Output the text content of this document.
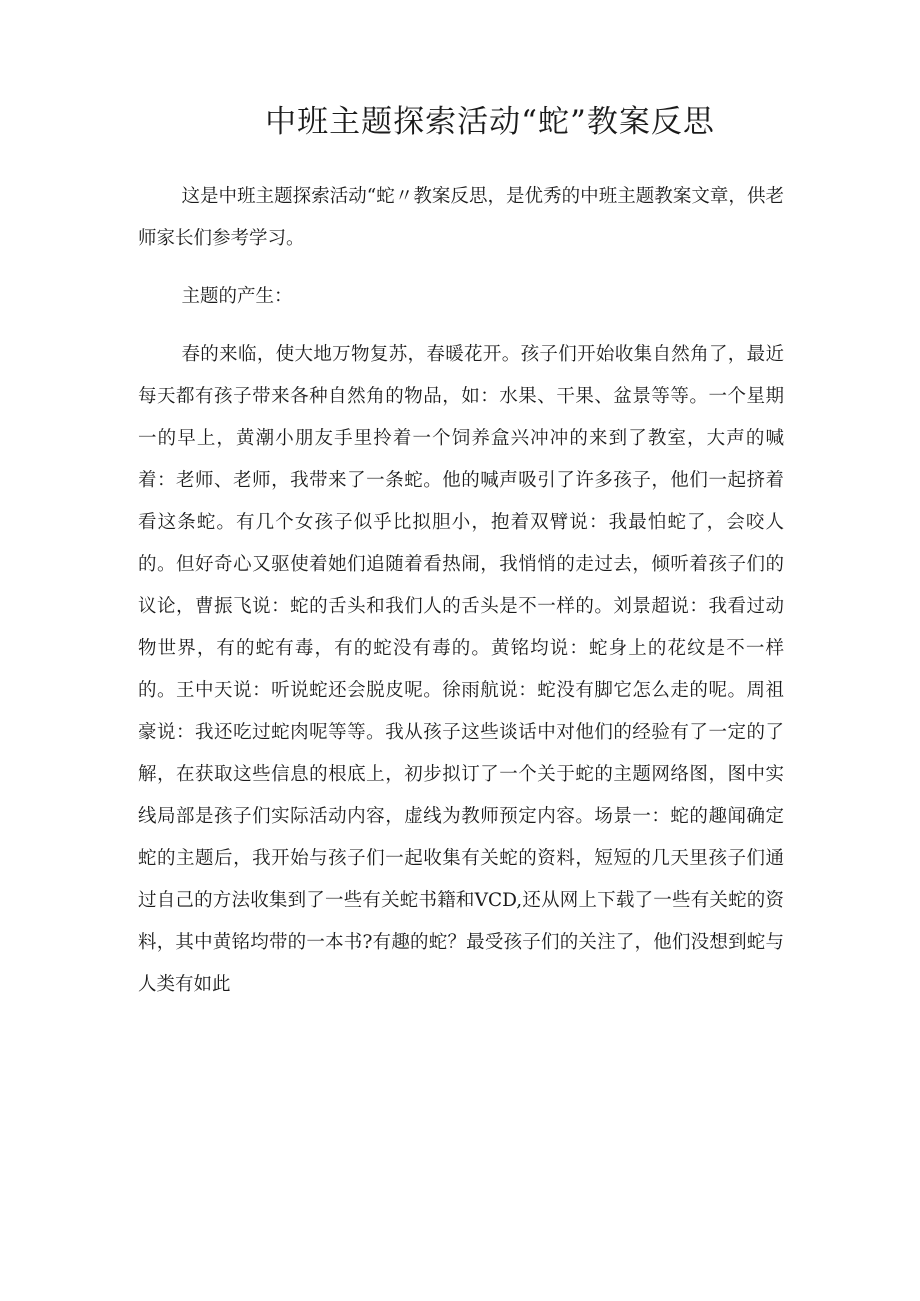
中班主题探索活动“蛇”教案反思

这是中班主题探索活动“蛇〃教案反思，是优秀的中班主题教案文章，供老师家长们参考学习。

主题的产生：

春的来临，使大地万物复苏，春暖花开。孩子们开始收集自然角了，最近每天都有孩子带来各种自然角的物品，如：水果、干果、盆景等等。一个星期一的早上，黄潮小朋友手里拎着一个饲养盒兴冲冲的来到了教室，大声的喊着：老师、老师，我带来了一条蛇。他的喊声吸引了许多孩子，他们一起挤着看这条蛇。有几个女孩子似乎比拟胆小，抱着双臂说：我最怕蛇了，会咬人的。但好奇心又驱使着她们追随着看热闹，我悄悄的走过去，倾听着孩子们的议论，曹振飞说：蛇的舌头和我们人的舌头是不一样的。刘景超说：我看过动物世界，有的蛇有毒，有的蛇没有毒的。黄铭均说：蛇身上的花纹是不一样的。王中天说：听说蛇还会脱皮呢。徐雨航说：蛇没有脚它怎么走的呢。周祖豪说：我还吃过蛇肉呢等等。我从孩子这些谈话中对他们的经验有了一定的了解，在获取这些信息的根底上，初步拟订了一个关于蛇的主题网络图，图中实线局部是孩子们实际活动内容，虚线为教师预定内容。场景一：蛇的趣闻确定蛇的主题后，我开始与孩子们一起收集有关蛇的资料，短短的几天里孩子们通过自己的方法收集到了一些有关蛇书籍和VCD,还从网上下载了一些有关蛇的资料，其中黄铭均带的一本书?有趣的蛇？最受孩子们的关注了，他们没想到蛇与人类有如此
